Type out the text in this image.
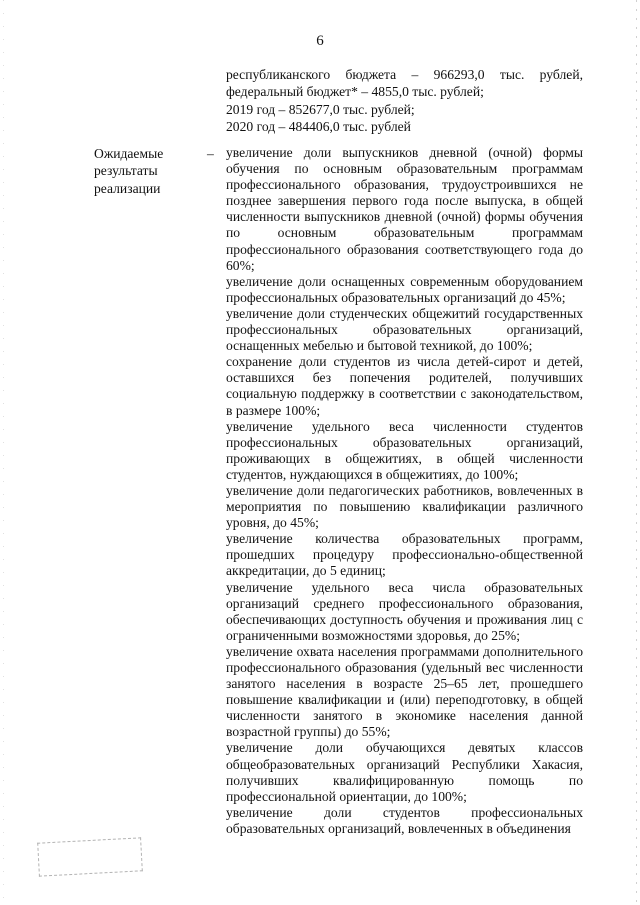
6

республиканского бюджета – 966293,0 тыс. рублей,

федеральный бюджет* – 4855,0 тыс. рублей;

2019 год – 852677,0 тыс. рублей;

2020 год – 484406,0 тыс. рублей

Ожидаемые
результаты
реализации
– увеличение доли выпускников дневной (очной) формы обучения по основным образовательным программам профессионального образования, трудоустроившихся не позднее завершения первого года после выпуска, в общей численности выпускников дневной (очной) формы обучения по основным образовательным программам профессионального образования соответствующего года до 60%;

увеличение доли оснащенных современным оборудованием профессиональных образовательных организаций до 45%;

увеличение доли студенческих общежитий государственных профессиональных образовательных организаций, оснащенных мебелью и бытовой техникой, до 100%;

сохранение доли студентов из числа детей-сирот и детей, оставшихся без попечения родителей, получивших социальную поддержку в соответствии с законодательством, в размере 100%;

увеличение удельного веса численности студентов профессиональных образовательных организаций, проживающих в общежитиях, в общей численности студентов, нуждающихся в общежитиях, до 100%;

увеличение доли педагогических работников, вовлеченных в мероприятия по повышению квалификации различного уровня, до 45%;

увеличение количества образовательных программ, прошедших процедуру профессионально-общественной аккредитации, до 5 единиц;

увеличение удельного веса числа образовательных организаций среднего профессионального образования, обеспечивающих доступность обучения и проживания лиц с ограниченными возможностями здоровья, до 25%;

увеличение охвата населения программами дополнительного профессионального образования (удельный вес численности занятого населения в возрасте 25–65 лет, прошедшего повышение квалификации и (или) переподготовку, в общей численности занятого в экономике населения данной возрастной группы) до 55%;

увеличение доли обучающихся девятых классов общеобразовательных организаций Республики Хакасия, получивших квалифицированную помощь по профессиональной ориентации, до 100%;

увеличение доли студентов профессиональных образовательных организаций, вовлеченных в объединения
